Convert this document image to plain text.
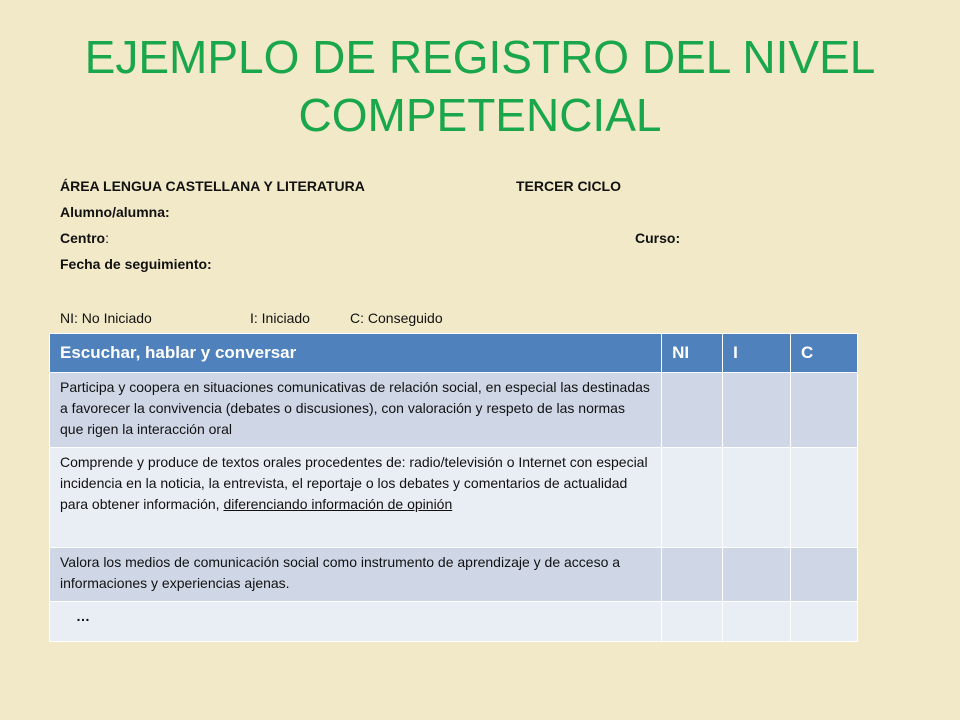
EJEMPLO DE REGISTRO DEL NIVEL
COMPETENCIAL
ÁREA LENGUA CASTELLANA Y LITERATURA	TERCER CICLO
Alumno/alumna:
Centro:	Curso:
Fecha de seguimiento:
NI: No Iniciado	I: Iniciado	C: Conseguido
Escuchar, hablar y conversar	NI	I	C
Participa y coopera en situaciones comunicativas de relación social, en especial las destinadas a favorecer la convivencia (debates o discusiones), con valoración y respeto de las normas que rigen la interacción oral			
Comprende y produce de textos orales procedentes de: radio/televisión o Internet con especial incidencia en la noticia, la entrevista, el reportaje o los debates y comentarios de actualidad para obtener información, diferenciando información de opinión			
Valora los medios de comunicación social como instrumento de aprendizaje y de acceso a informaciones y experiencias ajenas.			
…			
